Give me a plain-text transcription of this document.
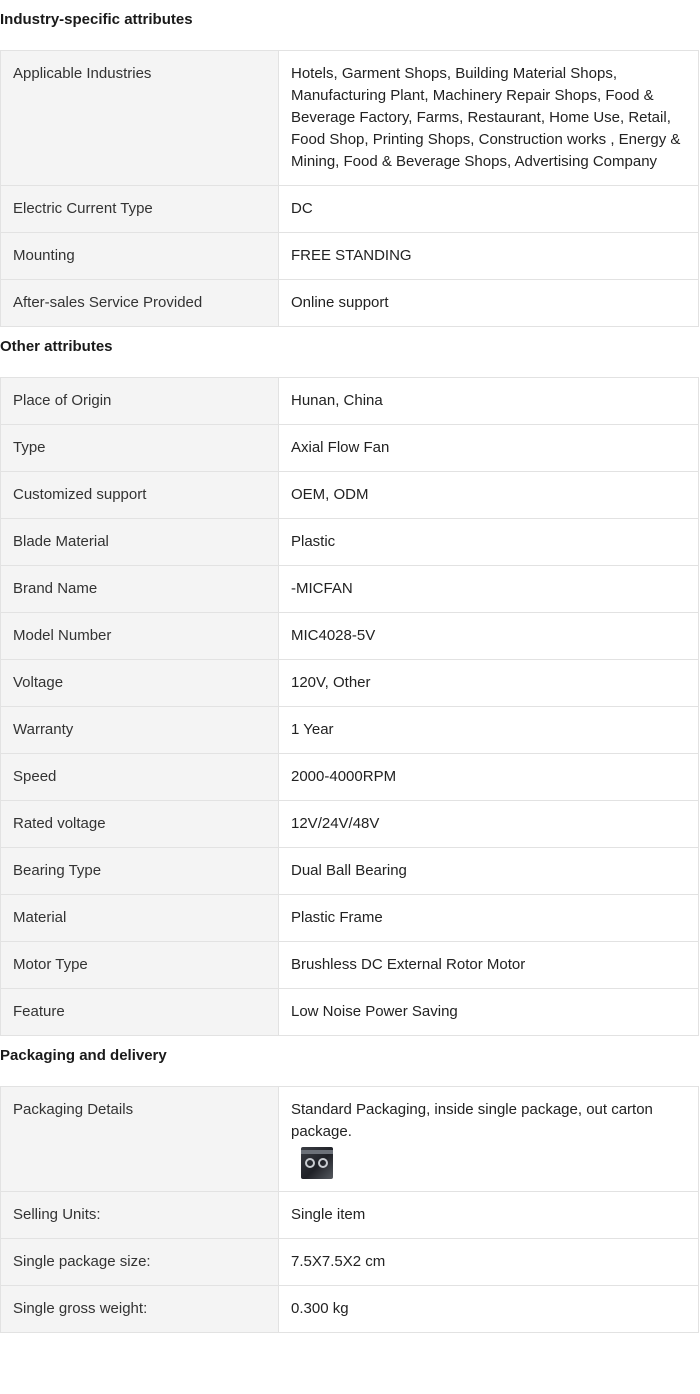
Industry-specific attributes
Applicable Industries	Hotels, Garment Shops, Building Material Shops, Manufacturing Plant, Machinery Repair Shops, Food & Beverage Factory, Farms, Restaurant, Home Use, Retail, Food Shop, Printing Shops, Construction works , Energy & Mining, Food & Beverage Shops, Advertising Company
Electric Current Type	DC
Mounting	FREE STANDING
After-sales Service Provided	Online support
Other attributes
Place of Origin	Hunan, China
Type	Axial Flow Fan
Customized support	OEM, ODM
Blade Material	Plastic
Brand Name	-MICFAN
Model Number	MIC4028-5V
Voltage	120V, Other
Warranty	1 Year
Speed	2000-4000RPM
Rated voltage	12V/24V/48V
Bearing Type	Dual Ball Bearing
Material	Plastic Frame
Motor Type	Brushless DC External Rotor Motor
Feature	Low Noise Power Saving
Packaging and delivery
Packaging Details	Standard Packaging, inside single package, out carton package.

Selling Units:	Single item
Single package size:	7.5X7.5X2 cm
Single gross weight:	0.300 kg
